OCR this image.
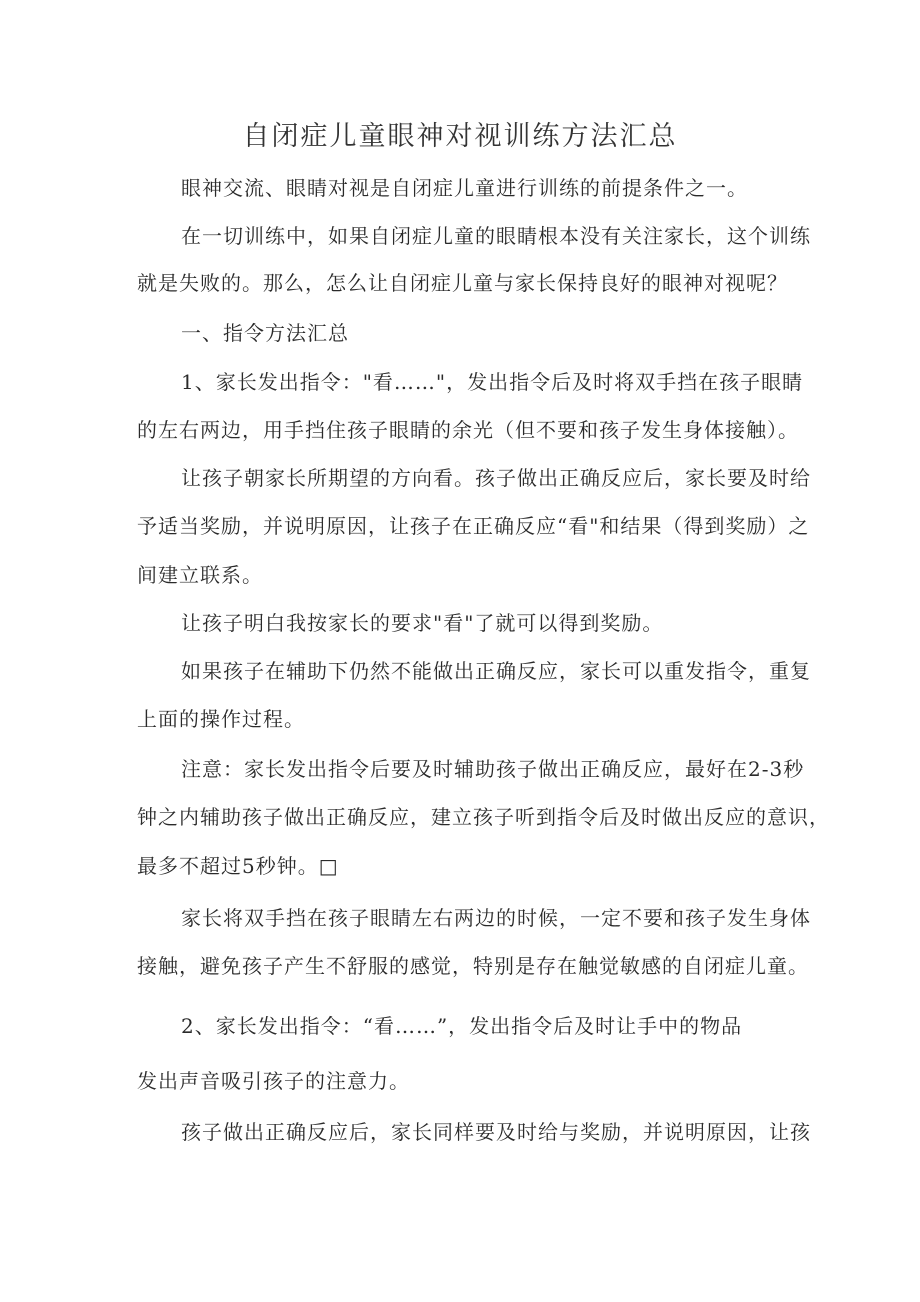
自闭症儿童眼神对视训练方法汇总
眼神交流、眼睛对视是自闭症儿童进行训练的前提条件之一。
在一切训练中，如果自闭症儿童的眼睛根本没有关注家长，这个训练
就是失败的。那么，怎么让自闭症儿童与家长保持良好的眼神对视呢？
一、指令方法汇总
1、家长发出指令："看……"，发出指令后及时将双手挡在孩子眼睛
的左右两边，用手挡住孩子眼睛的余光（但不要和孩子发生身体接触）。
让孩子朝家长所期望的方向看。孩子做出正确反应后，家长要及时给
予适当奖励，并说明原因，让孩子在正确反应“看"和结果（得到奖励）之
间建立联系。
让孩子明白我按家长的要求"看"了就可以得到奖励。
如果孩子在辅助下仍然不能做出正确反应，家长可以重发指令，重复
上面的操作过程。
注意：家长发出指令后要及时辅助孩子做出正确反应，最好在2-3秒
钟之内辅助孩子做出正确反应，建立孩子听到指令后及时做出反应的意识，
最多不超过5秒钟。□
家长将双手挡在孩子眼睛左右两边的时候，一定不要和孩子发生身体
接触，避免孩子产生不舒服的感觉，特别是存在触觉敏感的自闭症儿童。
2、家长发出指令：“看……”，发出指令后及时让手中的物品
发出声音吸引孩子的注意力。
孩子做出正确反应后，家长同样要及时给与奖励，并说明原因，让孩
